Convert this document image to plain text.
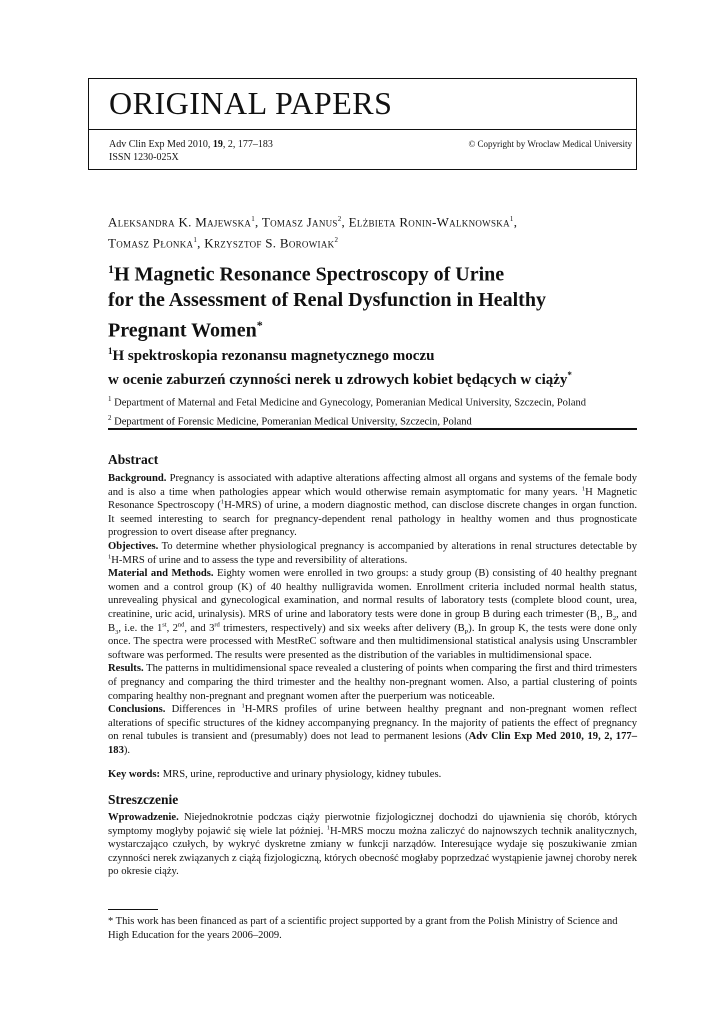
ORIGINAL PAPERS
Adv Clin Exp Med 2010, 19, 2, 177–183
ISSN 1230-025X
© Copyright by Wroclaw Medical University
Aleksandra K. Majewska$^1$, Tomasz Janus$^2$, Elżbieta Ronin-Walknowska$^1$,
Tomasz Płonka$^1$, Krzysztof S. Borowiak$^2$
$^1$H Magnetic Resonance Spectroscopy of Urine
for the Assessment of Renal Dysfunction in Healthy
Pregnant Women*
$^1$H spektroskopia rezonansu magnetycznego moczu
w ocenie zaburzeń czynności nerek u zdrowych kobiet będących w ciąży*
$^1$ Department of Maternal and Fetal Medicine and Gynecology, Pomeranian Medical University, Szczecin, Poland
$^2$ Department of Forensic Medicine, Pomeranian Medical University, Szczecin, Poland
Abstract

Background. Pregnancy is associated with adaptive alterations affecting almost all organs and systems of the female body and is also a time when pathologies appear which would otherwise remain asymptomatic for many years. $^1$H Magnetic Resonance Spectroscopy ($^1$H-MRS) of urine, a modern diagnostic method, can disclose discrete changes in organ function. It seemed interesting to search for pregnancy-dependent renal pathology in healthy women and thus prognosticate progression to overt disease after pregnancy.

Objectives. To determine whether physiological pregnancy is accompanied by alterations in renal structures detectable by $^1$H-MRS of urine and to assess the type and reversibility of alterations.

Material and Methods. Eighty women were enrolled in two groups: a study group (B) consisting of 40 healthy pregnant women and a control group (K) of 40 healthy nulligravida women. Enrollment criteria included normal health status, unrevealing physical and gynecological examination, and normal results of laboratory tests (complete blood count, urea, creatinine, uric acid, urinalysis). MRS of urine and laboratory tests were done in group B during each trimester ($B_1$, $B_2$, and $B_3$, i.e. the 1st, 2nd, and 3rd trimesters, respectively) and six weeks after delivery $(B_P)$. In group K, the tests were done only once. The spectra were processed with MestReC software and then multidimensional statistical analysis using Unscrambler software was performed. The results were presented as the distribution of the variables in multidimensional space.

Results. The patterns in multidimensional space revealed a clustering of points when comparing the first and third trimesters of pregnancy and comparing the third trimester and the healthy non-pregnant women. Also, a partial clustering of points comparing healthy non-pregnant and pregnant women after the puerperium was noticeable.

Conclusions. Differences in $^1$H-MRS profiles of urine between healthy pregnant and non-pregnant women reflect alterations of specific structures of the kidney accompanying pregnancy. In the majority of patients the effect of pregnancy on renal tubules is transient and (presumably) does not lead to permanent lesions (Adv Clin Exp Med 2010, 19, 2, 177–183).

Key words: MRS, urine, reproductive and urinary physiology, kidney tubules.
Streszczenie

Wprowadzenie. Niejednokrotnie podczas ciąży pierwotnie fizjologicznej dochodzi do ujawnienia się chorób, których symptomy mogłyby pojawić się wiele lat później. $^1$H-MRS moczu można zaliczyć do najnowszych technik analitycznych, wystarczająco czułych, by wykryć dyskretne zmiany w funkcji narządów. Interesujące wydaje się poszukiwanie zmian czynności nerek związanych z ciążą fizjologiczną, których obecność mogłaby poprzedzać wystąpienie jawnej choroby nerek po okresie ciąży.

* This work has been financed as part of a scientific project supported by a grant from the Polish Ministry of Science and High Education for the years 2006–2009.
